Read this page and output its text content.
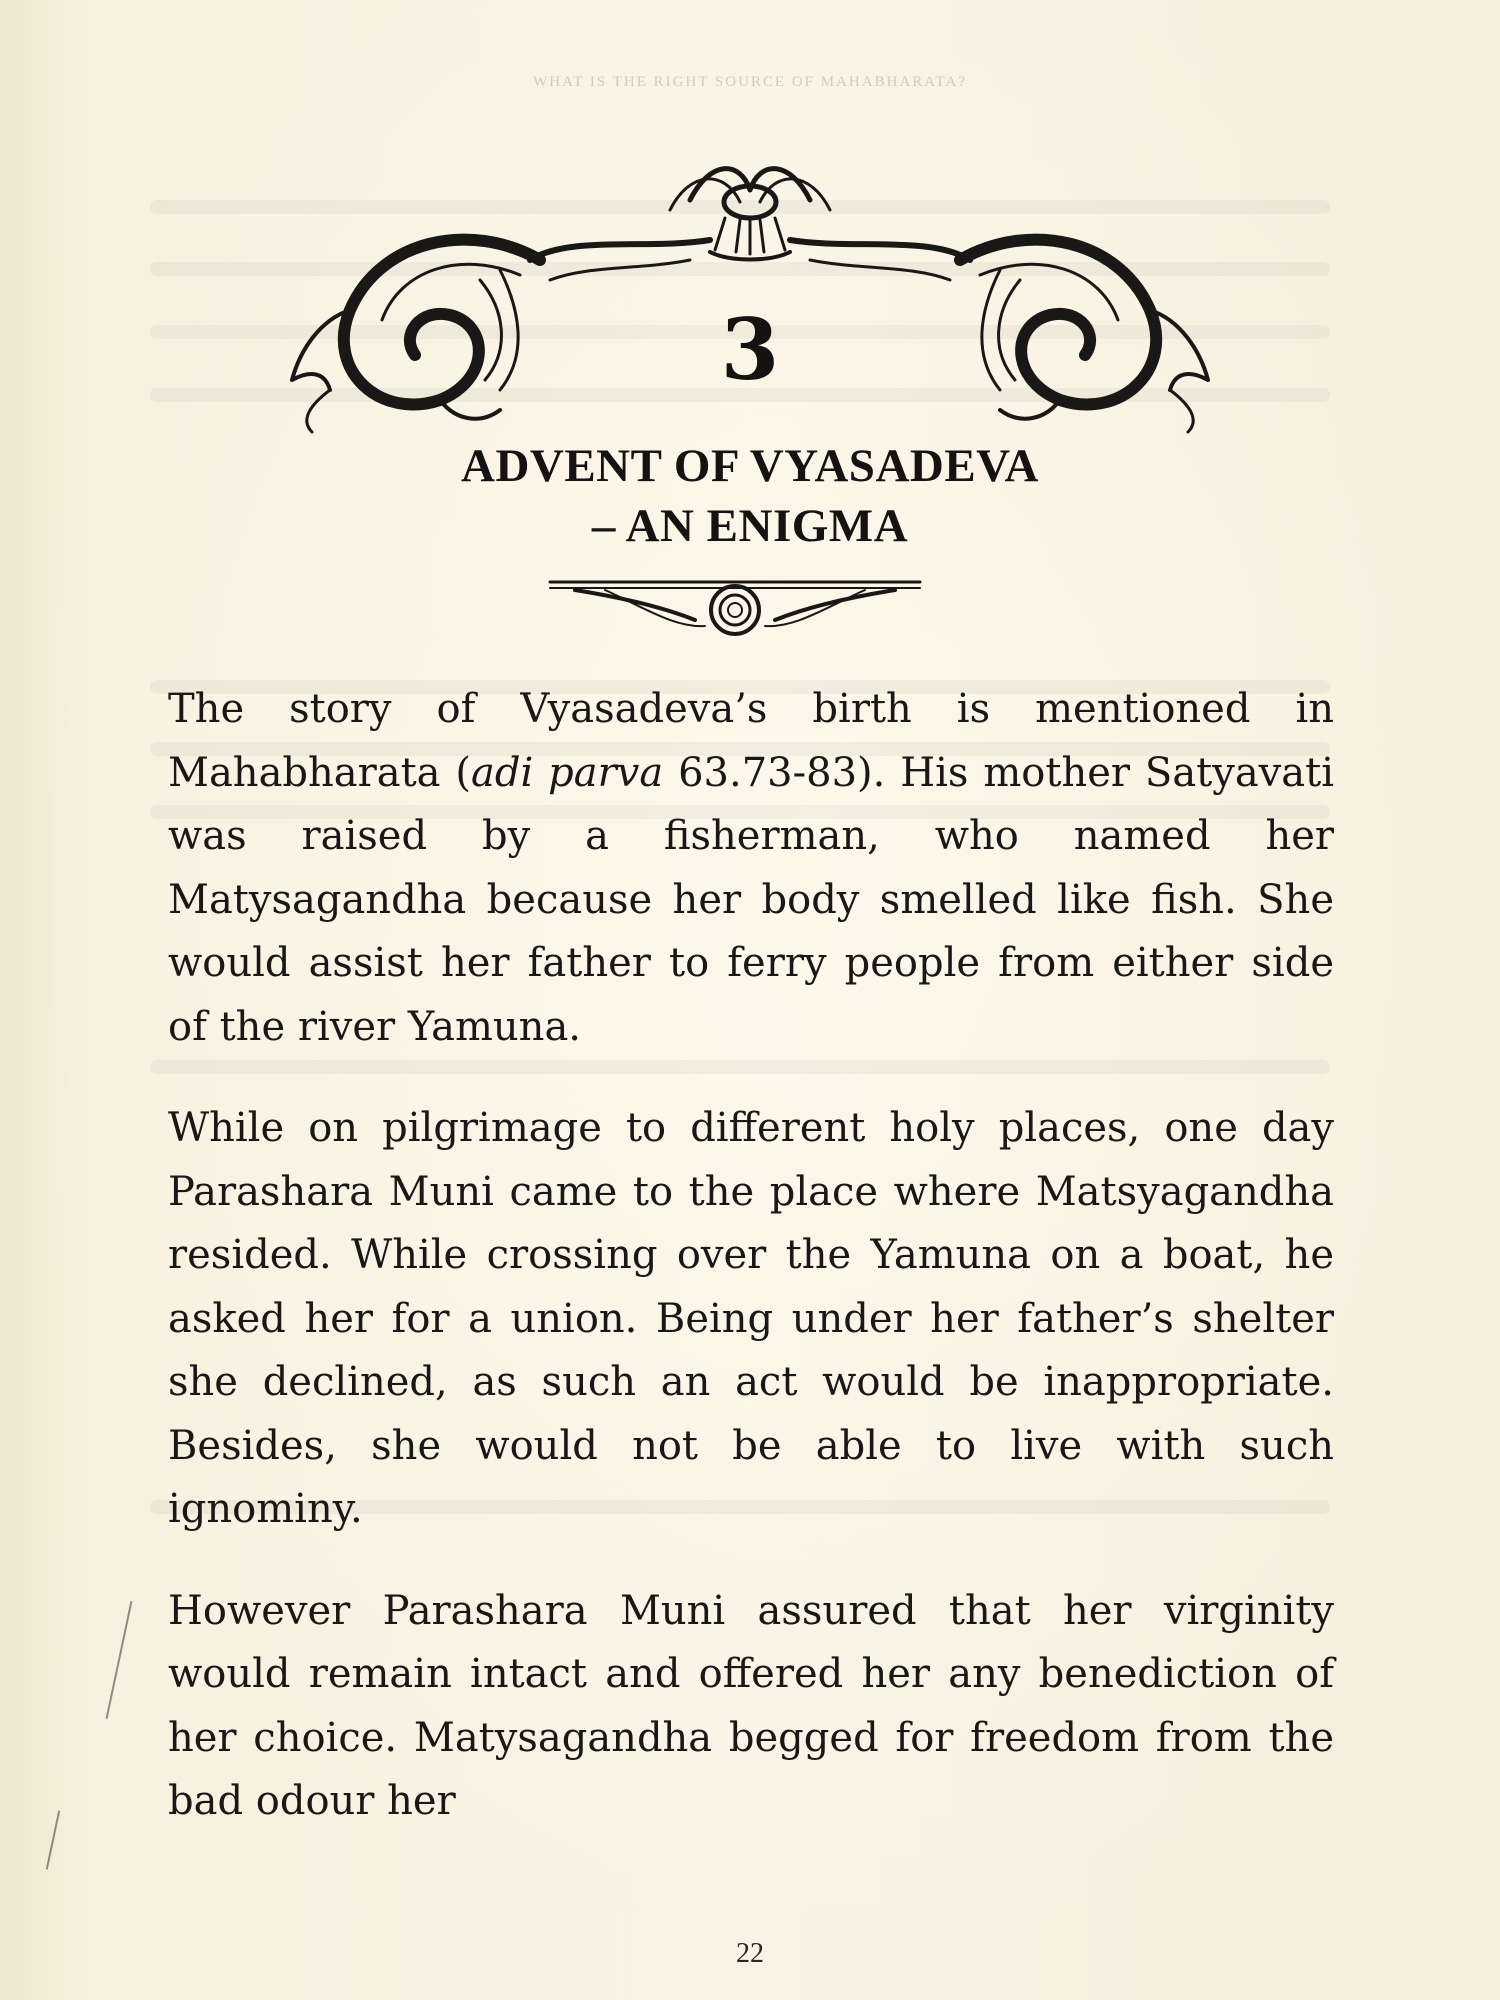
WHAT IS THE RIGHT SOURCE OF MAHABHARATA?
3
ADVENT OF VYASADEVA
– AN ENIGMA

The story of Vyasadeva’s birth is mentioned in Mahabharata (adi parva 63.73-83). His mother Satyavati was raised by a fisherman, who named her Matysagandha because her body smelled like fish. She would assist her father to ferry people from either side of the river Yamuna.

While on pilgrimage to different holy places, one day Parashara Muni came to the place where Matsyagandha resided. While crossing over the Yamuna on a boat, he asked her for a union. Being under her father’s shelter she declined, as such an act would be inappropriate. Besides, she would not be able to live with such ignominy.

However Parashara Muni assured that her virginity would remain intact and offered her any benediction of her choice. Matysagandha begged for freedom from the bad odour her

22
